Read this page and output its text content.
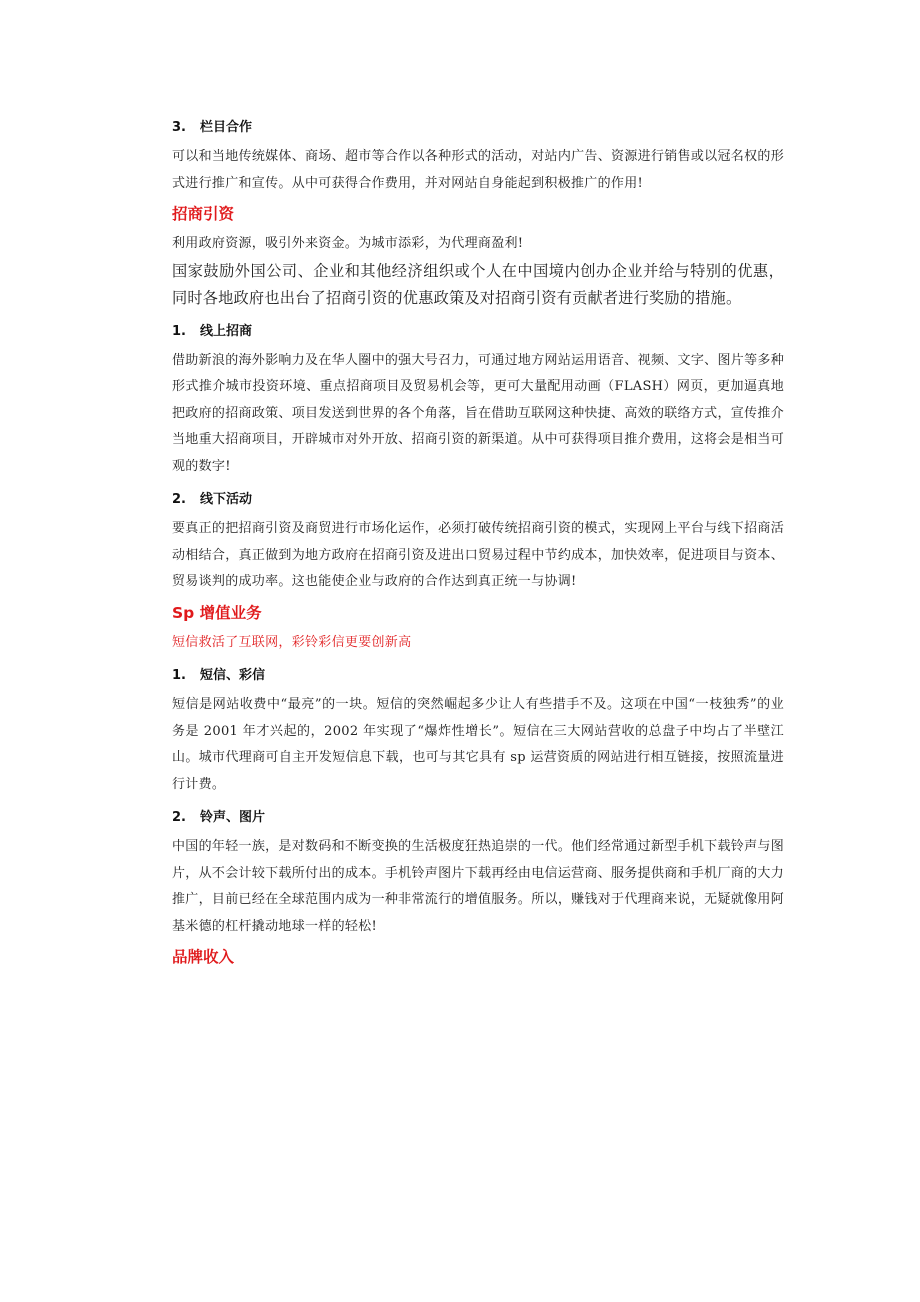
3. 栏目合作

可以和当地传统媒体、商场、超市等合作以各种形式的活动，对站内广告、资源进行销售或以冠名权的形式进行推广和宣传。从中可获得合作费用，并对网站自身能起到积极推广的作用!

招商引资

利用政府资源，吸引外来资金。为城市添彩，为代理商盈利!

国家鼓励外国公司、企业和其他经济组织或个人在中国境内创办企业并给与特别的优惠，同时各地政府也出台了招商引资的优惠政策及对招商引资有贡献者进行奖励的措施。

1. 线上招商

借助新浪的海外影响力及在华人圈中的强大号召力，可通过地方网站运用语音、视频、文字、图片等多种形式推介城市投资环境、重点招商项目及贸易机会等，更可大量配用动画（FLASH）网页，更加逼真地把政府的招商政策、项目发送到世界的各个角落，旨在借助互联网这种快捷、高效的联络方式，宣传推介当地重大招商项目，开辟城市对外开放、招商引资的新渠道。从中可获得项目推介费用，这将会是相当可观的数字!

2. 线下活动

要真正的把招商引资及商贸进行市场化运作，必须打破传统招商引资的模式，实现网上平台与线下招商活动相结合，真正做到为地方政府在招商引资及进出口贸易过程中节约成本，加快效率，促进项目与资本、贸易谈判的成功率。这也能使企业与政府的合作达到真正统一与协调!

Sp 增值业务

短信救活了互联网，彩铃彩信更要创新高

1. 短信、彩信

短信是网站收费中“最亮”的一块。短信的突然崛起多少让人有些措手不及。这项在中国“一枝独秀”的业务是 2001 年才兴起的，2002 年实现了“爆炸性增长”。短信在三大网站营收的总盘子中均占了半壁江山。城市代理商可自主开发短信息下载，也可与其它具有 sp 运营资质的网站进行相互链接，按照流量进行计费。

2. 铃声、图片

中国的年轻一族，是对数码和不断变换的生活极度狂热追崇的一代。他们经常通过新型手机下载铃声与图片，从不会计较下载所付出的成本。手机铃声图片下载再经由电信运营商、服务提供商和手机厂商的大力推广，目前已经在全球范围内成为一种非常流行的增值服务。所以，赚钱对于代理商来说，无疑就像用阿基米德的杠杆撬动地球一样的轻松!

品牌收入
